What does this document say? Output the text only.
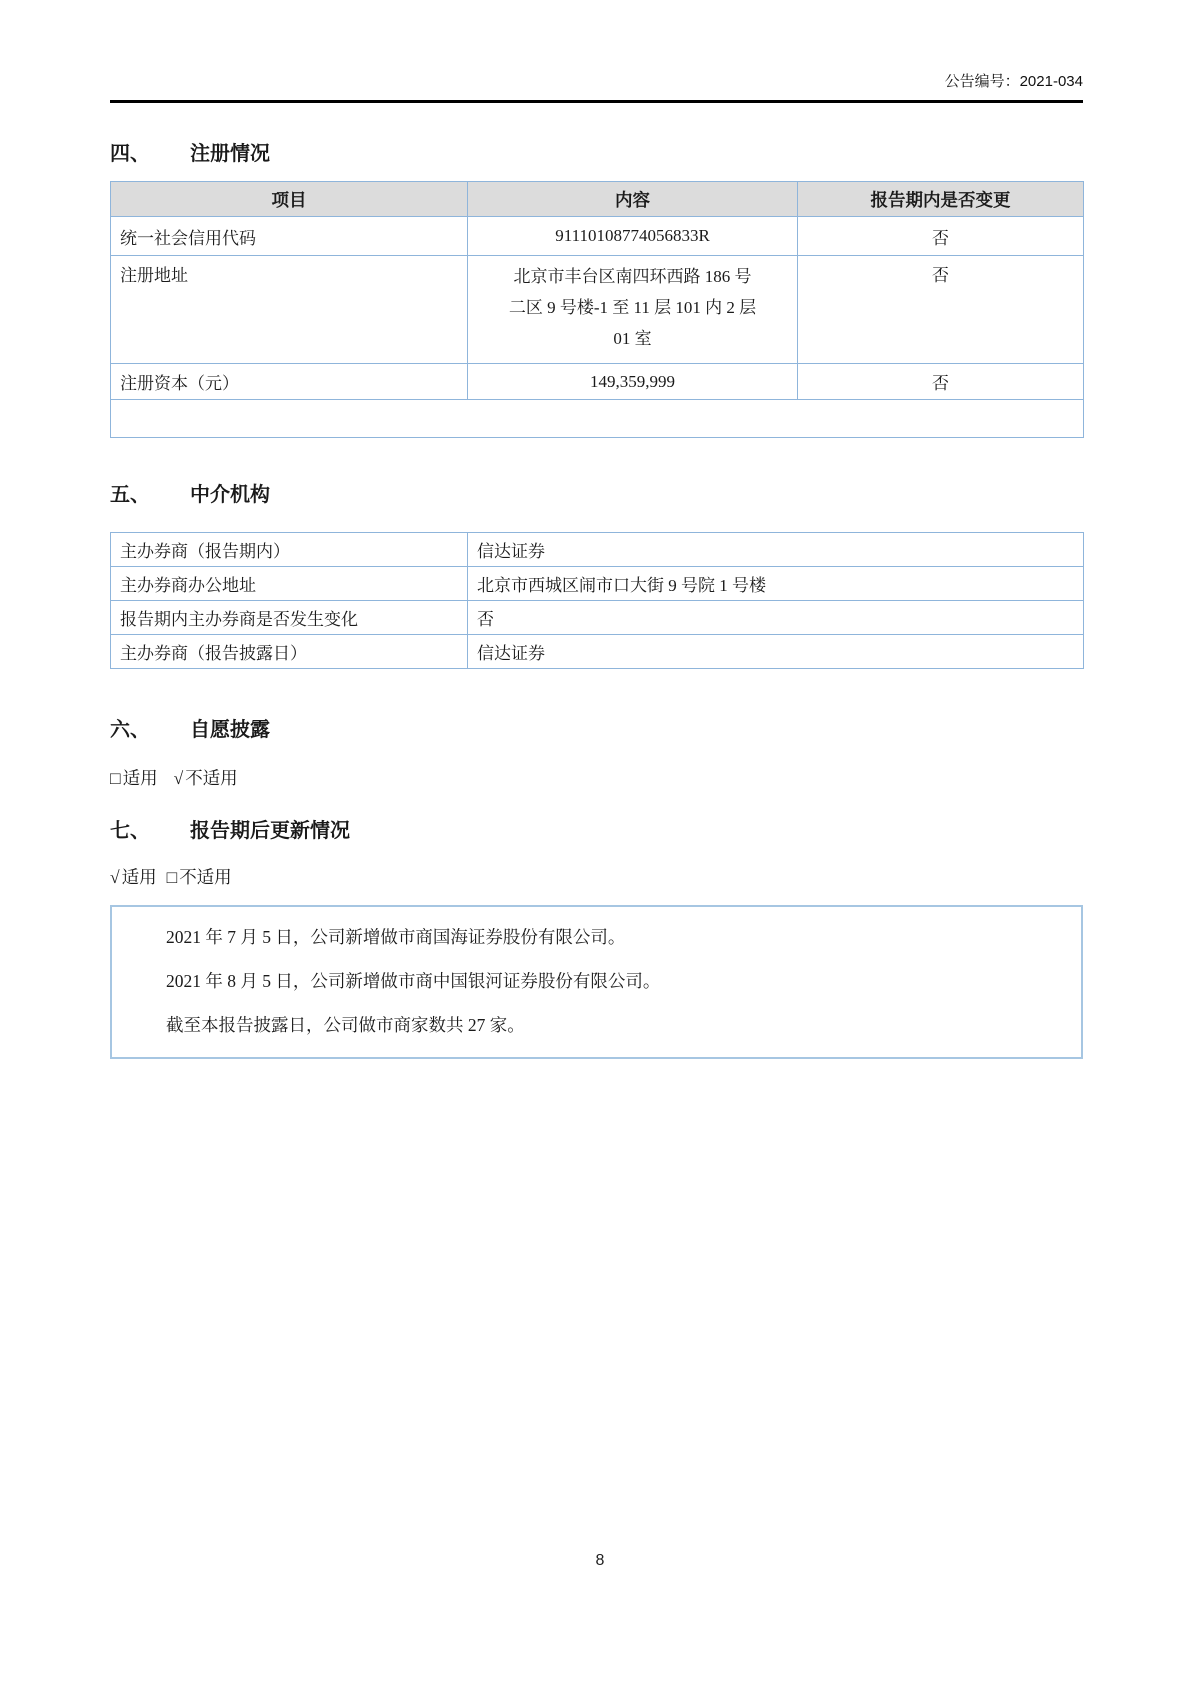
公告编号：2021-034
四、 注册情况
项目	内容	报告期内是否变更
统一社会信用代码	91110108774056833R	否
注册地址	北京市丰台区南四环西路 186 号
二区 9 号楼-1 至 11 层 101 内 2 层
01 室	否
注册资本（元）	149,359,999	否

五、 中介机构
主办券商（报告期内）	信达证券
主办券商办公地址	北京市西城区闹市口大街 9 号院 1 号楼
报告期内主办券商是否发生变化	否
主办券商（报告披露日）	信达证券
六、 自愿披露
□ 适用 √ 不适用
七、 报告期后更新情况
√ 适用 □ 不适用

2021 年 7 月 5 日，公司新增做市商国海证券股份有限公司。

2021 年 8 月 5 日，公司新增做市商中国银河证券股份有限公司。

截至本报告披露日，公司做市商家数共 27 家。

8
